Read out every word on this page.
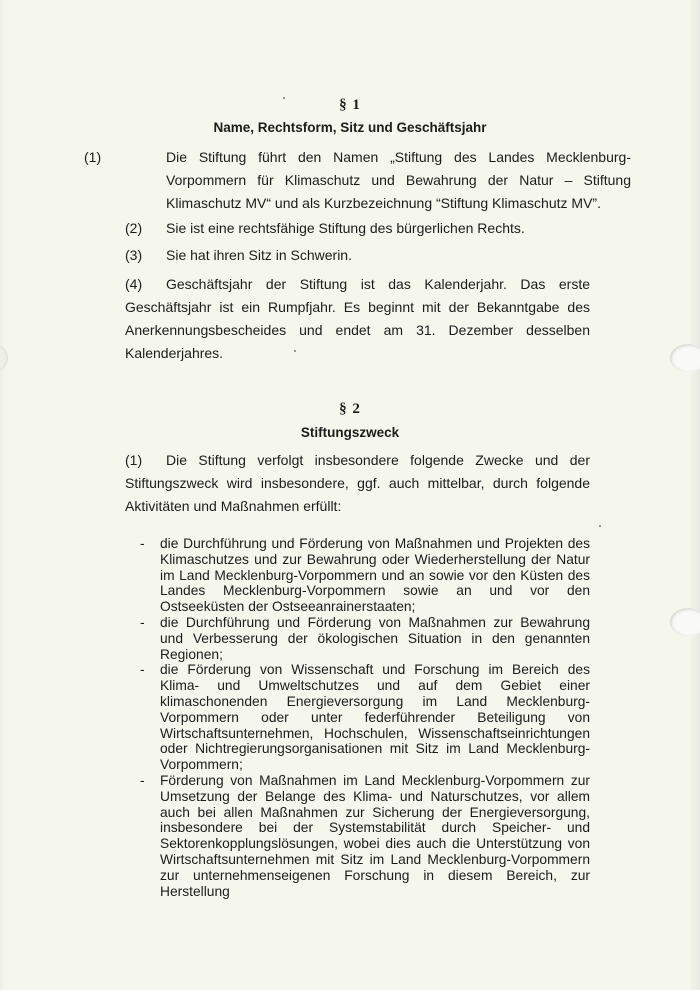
§ 1
Name, Rechtsform, Sitz und Geschäftsjahr
(1)	Die Stiftung führt den Namen „Stiftung des Landes Mecklenburg-Vorpommern für Klimaschutz und Bewahrung der Natur – Stiftung Klimaschutz MV“ und als Kurzbezeichnung “Stiftung Klimaschutz MV”.
(2) Sie ist eine rechtsfähige Stiftung des bürgerlichen Rechts.
(3) Sie hat ihren Sitz in Schwerin.
(4) Geschäftsjahr der Stiftung ist das Kalenderjahr. Das erste Geschäftsjahr ist ein Rumpfjahr. Es beginnt mit der Bekanntgabe des Anerkennungsbescheides und endet am 31. Dezember desselben Kalenderjahres.
§ 2
Stiftungszweck
(1) Die Stiftung verfolgt insbesondere folgende Zwecke und der Stiftungszweck wird insbesondere, ggf. auch mittelbar, durch folgende Aktivitäten und Maßnahmen erfüllt:
- die Durchführung und Förderung von Maßnahmen und Projekten des Klimaschutzes und zur Bewahrung oder Wiederherstellung der Natur im Land Mecklenburg-Vorpommern und an sowie vor den Küsten des Landes Mecklenburg-Vorpommern sowie an und vor den Ostseeküsten der Ostseeanrainerstaaten;
- die Durchführung und Förderung von Maßnahmen zur Bewahrung und Verbesserung der ökologischen Situation in den genannten Regionen;
- die Förderung von Wissenschaft und Forschung im Bereich des Klima- und Umweltschutzes und auf dem Gebiet einer klimaschonenden Energieversorgung im Land Mecklenburg-Vorpommern oder unter federführender Beteiligung von Wirtschaftsunternehmen, Hochschulen, Wissenschaftseinrichtungen oder Nichtregierungsorganisationen mit Sitz im Land Mecklenburg-Vorpommern;
- Förderung von Maßnahmen im Land Mecklenburg-Vorpommern zur Umsetzung der Belange des Klima- und Naturschutzes, vor allem auch bei allen Maßnahmen zur Sicherung der Energieversorgung, insbesondere bei der Systemstabilität durch Speicher- und Sektorenkopplungslösungen, wobei dies auch die Unterstützung von Wirtschaftsunternehmen mit Sitz im Land Mecklenburg-Vorpommern zur unternehmenseigenen Forschung in diesem Bereich, zur Herstellung
